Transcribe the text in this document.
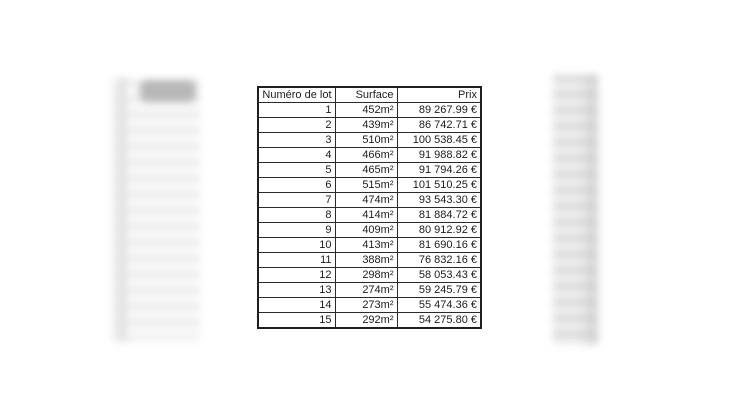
Numéro de lot	Surface	Prix
1	452m²	89 267.99 €
2	439m²	86 742.71 €
3	510m²	100 538.45 €
4	466m²	91 988.82 €
5	465m²	91 794.26 €
6	515m²	101 510.25 €
7	474m²	93 543.30 €
8	414m²	81 884.72 €
9	409m²	80 912.92 €
10	413m²	81 690.16 €
11	388m²	76 832.16 €
12	298m²	58 053.43 €
13	274m²	59 245.79 €
14	273m²	55 474.36 €
15	292m²	54 275.80 €
